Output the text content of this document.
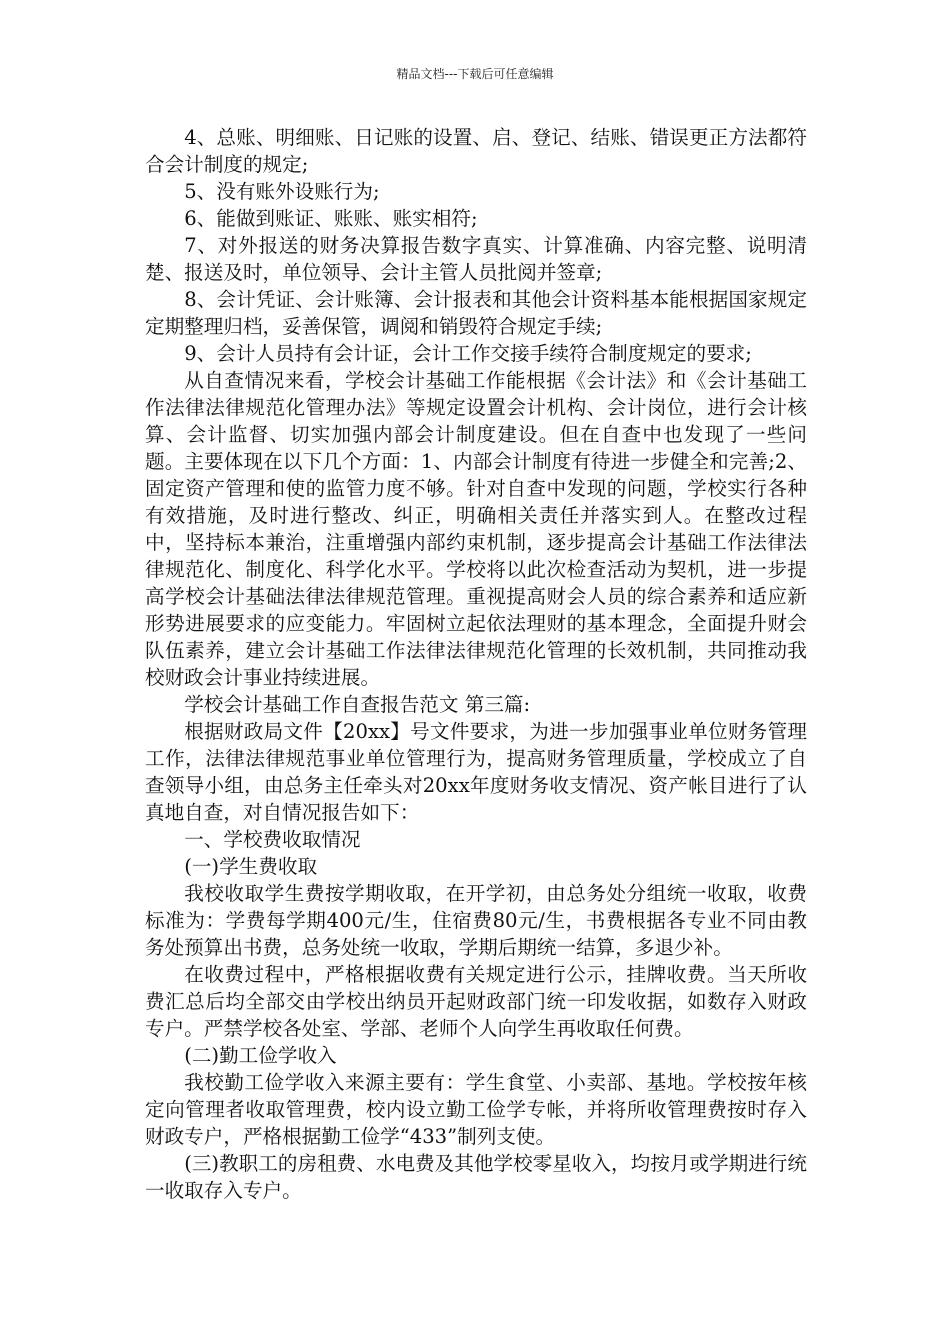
精品文档---下载后可任意编辑

4、总账、明细账、日记账的设置、启、登记、结账、错误更正方法都符合会计制度的规定;

5、没有账外设账行为;

6、能做到账证、账账、账实相符;

7、对外报送的财务决算报告数字真实、计算准确、内容完整、说明清楚、报送及时，单位领导、会计主管人员批阅并签章;

8、会计凭证、会计账簿、会计报表和其他会计资料基本能根据国家规定定期整理归档，妥善保管，调阅和销毁符合规定手续;

9、会计人员持有会计证，会计工作交接手续符合制度规定的要求;

从自查情况来看，学校会计基础工作能根据《会计法》和《会计基础工作法律法律规范化管理办法》等规定设置会计机构、会计岗位，进行会计核算、会计监督、切实加强内部会计制度建设。但在自查中也发现了一些问题。主要体现在以下几个方面：1、内部会计制度有待进一步健全和完善;2、固定资产管理和使的监管力度不够。针对自查中发现的问题，学校实行各种有效措施，及时进行整改、纠正，明确相关责任并落实到人。在整改过程中，坚持标本兼治，注重增强内部约束机制，逐步提高会计基础工作法律法律规范化、制度化、科学化水平。学校将以此次检查活动为契机，进一步提高学校会计基础法律法律规范管理。重视提高财会人员的综合素养和适应新形势进展要求的应变能力。牢固树立起依法理财的基本理念，全面提升财会队伍素养，建立会计基础工作法律法律规范化管理的长效机制，共同推动我校财政会计事业持续进展。

学校会计基础工作自查报告范文 第三篇:

根据财政局文件【20xx】号文件要求，为进一步加强事业单位财务管理工作，法律法律规范事业单位管理行为，提高财务管理质量，学校成立了自查领导小组，由总务主任牵头对20xx年度财务收支情况、资产帐目进行了认真地自查，对自情况报告如下：

一、学校费收取情况

(一)学生费收取

我校收取学生费按学期收取，在开学初，由总务处分组统一收取，收费标准为：学费每学期400元/生，住宿费80元/生，书费根据各专业不同由教务处预算出书费，总务处统一收取，学期后期统一结算，多退少补。

在收费过程中，严格根据收费有关规定进行公示，挂牌收费。当天所收费汇总后均全部交由学校出纳员开起财政部门统一印发收据，如数存入财政专户。严禁学校各处室、学部、老师个人向学生再收取任何费。

(二)勤工俭学收入

我校勤工俭学收入来源主要有：学生食堂、小卖部、基地。学校按年核定向管理者收取管理费，校内设立勤工俭学专帐，并将所收管理费按时存入财政专户，严格根据勤工俭学“433”制列支使。

(三)教职工的房租费、水电费及其他学校零星收入，均按月或学期进行统一收取存入专户。
